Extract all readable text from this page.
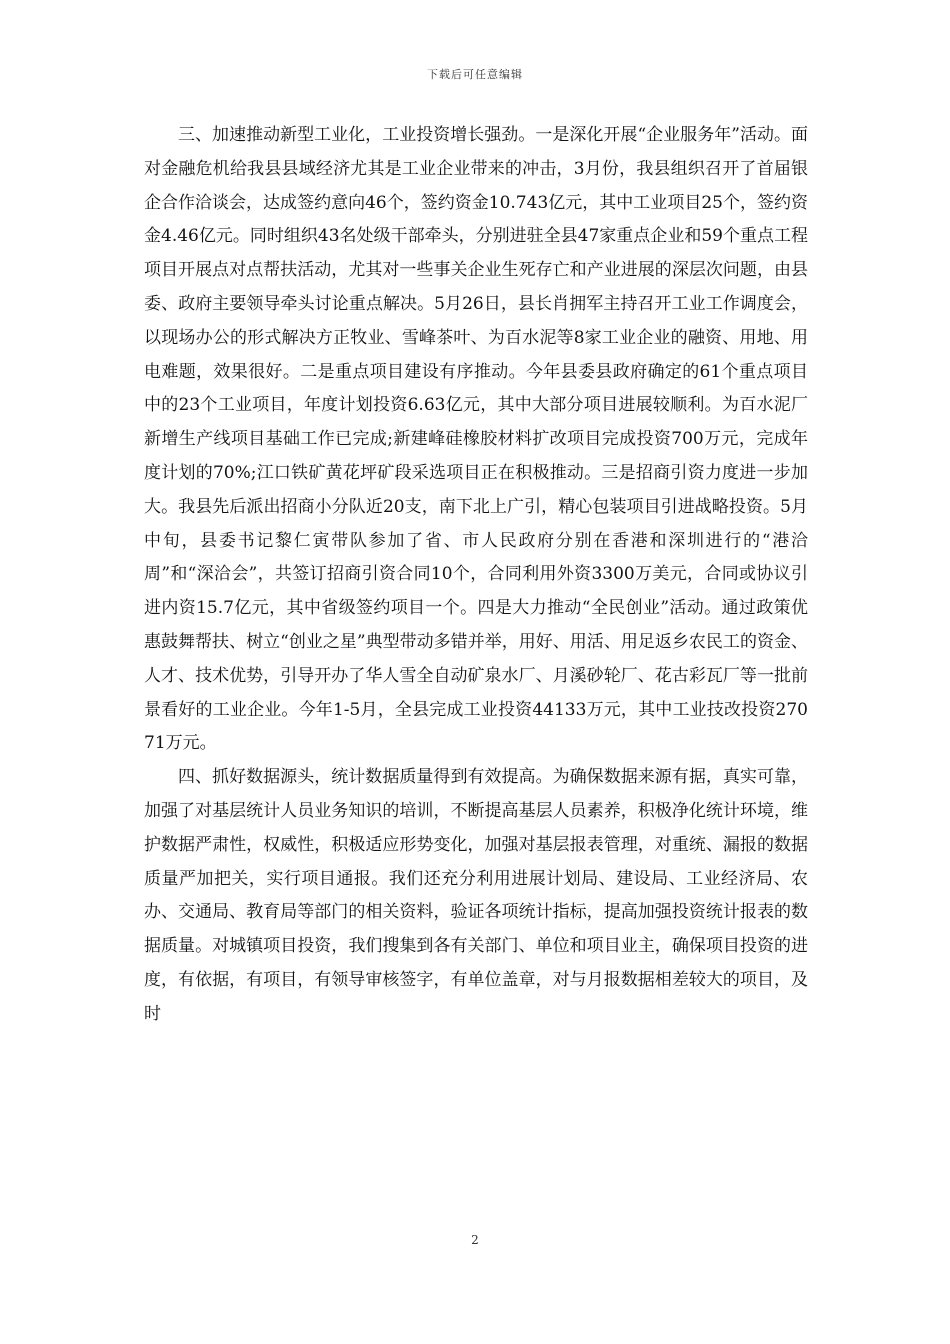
下载后可任意编辑

三、加速推动新型工业化，工业投资增长强劲。一是深化开展“企业服务年”活动。面对金融危机给我县县域经济尤其是工业企业带来的冲击，3月份，我县组织召开了首届银企合作洽谈会，达成签约意向46个，签约资金10.743亿元，其中工业项目25个，签约资金4.46亿元。同时组织43名处级干部牵头，分别进驻全县47家重点企业和59个重点工程项目开展点对点帮扶活动，尤其对一些事关企业生死存亡和产业进展的深层次问题，由县委、政府主要领导牵头讨论重点解决。5月26日，县长肖拥军主持召开工业工作调度会，以现场办公的形式解决方正牧业、雪峰茶叶、为百水泥等8家工业企业的融资、用地、用电难题，效果很好。二是重点项目建设有序推动。今年县委县政府确定的61个重点项目中的23个工业项目，年度计划投资6.63亿元，其中大部分项目进展较顺利。为百水泥厂新增生产线项目基础工作已完成;新建峰硅橡胶材料扩改项目完成投资700万元，完成年度计划的70%;江口铁矿黄花坪矿段采选项目正在积极推动。三是招商引资力度进一步加大。我县先后派出招商小分队近20支，南下北上广引，精心包装项目引进战略投资。5月中旬，县委书记黎仁寅带队参加了省、市人民政府分别在香港和深圳进行的“港洽周”和“深洽会”，共签订招商引资合同10个，合同利用外资3300万美元，合同或协议引进内资15.7亿元，其中省级签约项目一个。四是大力推动“全民创业”活动。通过政策优惠鼓舞帮扶、树立“创业之星”典型带动多错并举，用好、用活、用足返乡农民工的资金、人才、技术优势，引导开办了华人雪全自动矿泉水厂、月溪砂轮厂、花古彩瓦厂等一批前景看好的工业企业。今年1-5月，全县完成工业投资44133万元，其中工业技改投资27071万元。

四、抓好数据源头，统计数据质量得到有效提高。为确保数据来源有据，真实可靠，加强了对基层统计人员业务知识的培训，不断提高基层人员素养，积极净化统计环境，维护数据严肃性，权威性，积极适应形势变化，加强对基层报表管理，对重统、漏报的数据质量严加把关，实行项目通报。我们还充分利用进展计划局、建设局、工业经济局、农办、交通局、教育局等部门的相关资料，验证各项统计指标，提高加强投资统计报表的数据质量。对城镇项目投资，我们搜集到各有关部门、单位和项目业主，确保项目投资的进度，有依据，有项目，有领导审核签字，有单位盖章，对与月报数据相差较大的项目，及时

2
